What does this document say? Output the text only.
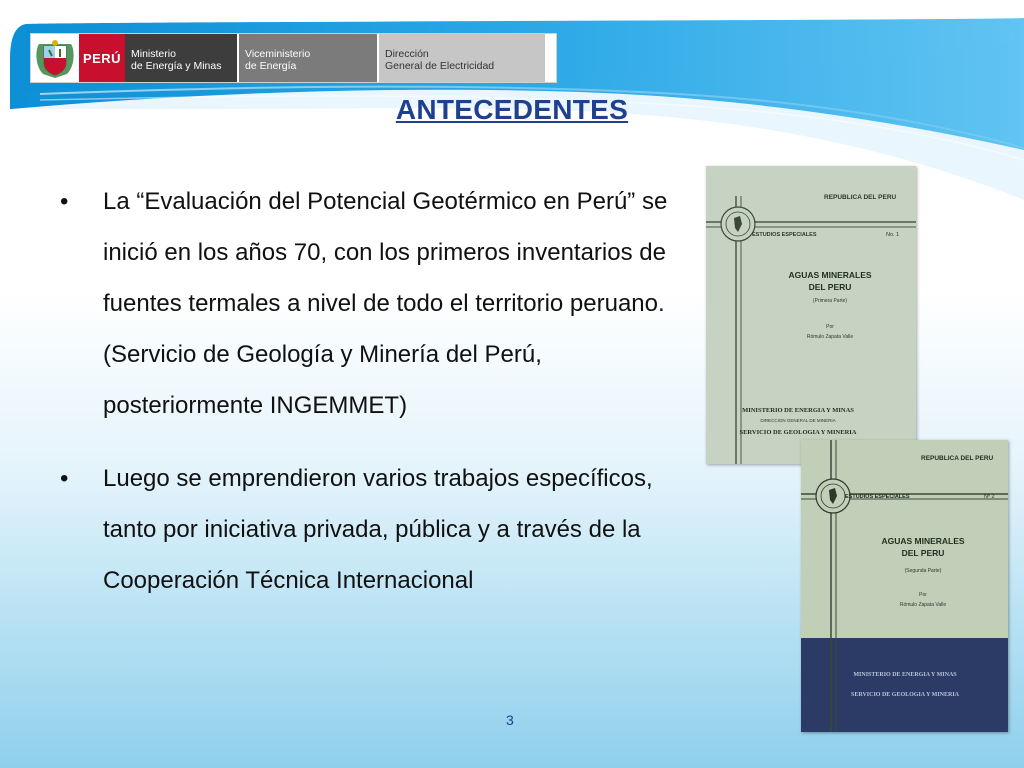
PERÚ Ministerio
de Energía y Minas
Viceministerio
de Energía
Dirección
General de Electricidad
ANTECEDENTES
•	La “Evaluación del Potencial Geotérmico en Perú” se inició en los años 70, con los primeros inventarios de fuentes termales a nivel de todo el territorio peruano. (Servicio de Geología y Minería del Perú, posteriormente INGEMMET)
•	Luego se emprendieron varios trabajos específicos, tanto por iniciativa privada, pública y a través de la Cooperación Técnica Internacional
REPUBLICA DEL PERU
ESTUDIOS ESPECIALES	No. 1
AGUAS MINERALES
DEL PERU
(Primera Parte)
Por
Rómulo Zapata Valle
MINISTERIO DE ENERGIA Y MINAS
DIRECCION GENERAL DE MINERIA
SERVICIO DE GEOLOGIA Y MINERIA
REPUBLICA DEL PERU
ESTUDIOS ESPECIALES	Nº 2
AGUAS MINERALES
DEL PERU
(Segunda Parte)
Por
Rómulo Zapata Valle
MINISTERIO DE ENERGIA Y MINAS
SERVICIO DE GEOLOGIA Y MINERIA
3
